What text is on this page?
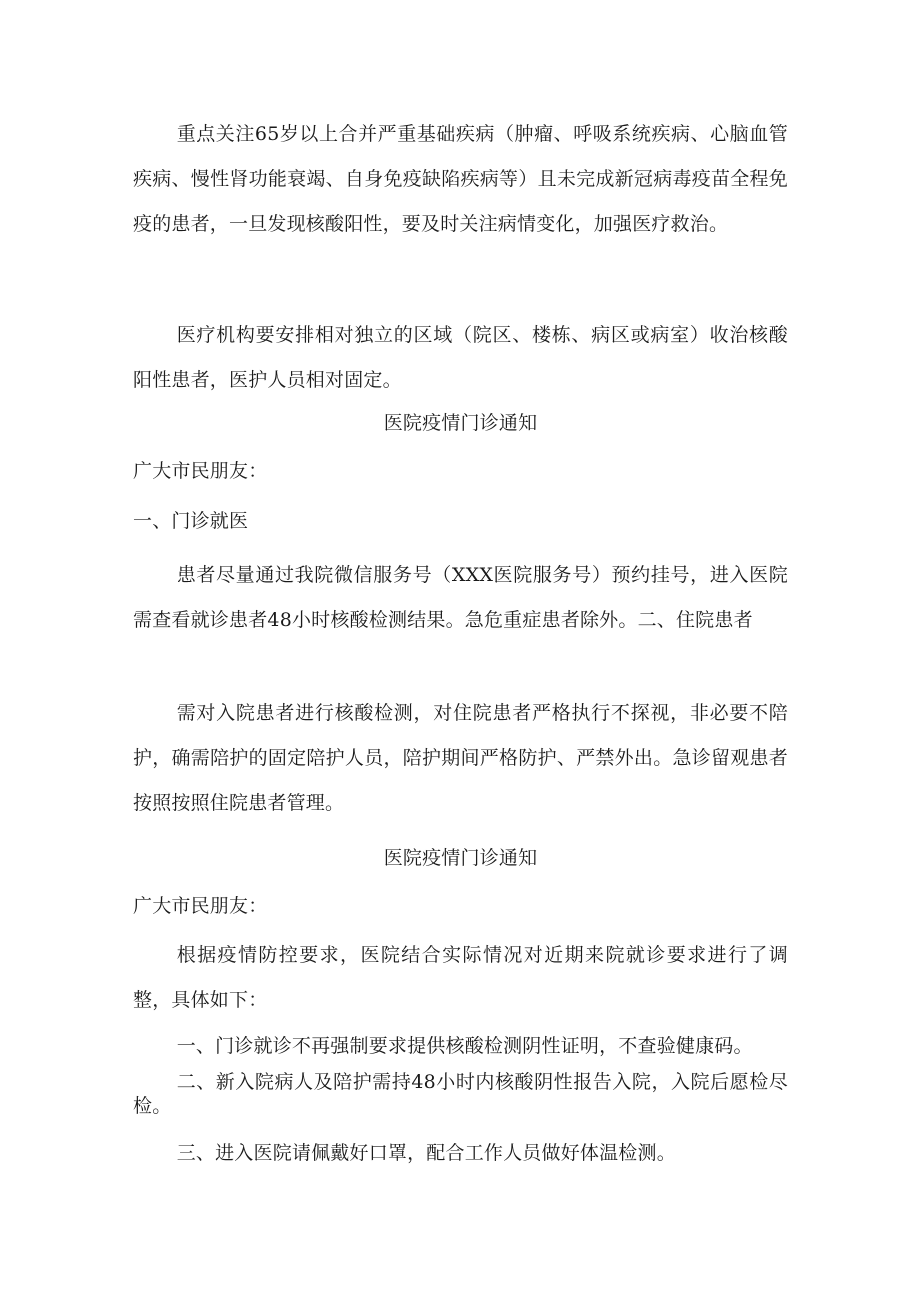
重点关注65岁以上合并严重基础疾病（肿瘤、呼吸系统疾病、心脑血管疾病、慢性肾功能衰竭、自身免疫缺陷疾病等）且未完成新冠病毒疫苗全程免疫的患者，一旦发现核酸阳性，要及时关注病情变化，加强医疗救治。

医疗机构要安排相对独立的区域（院区、楼栋、病区或病室）收治核酸阳性患者，医护人员相对固定。

医院疫情门诊通知

广大市民朋友：

一、门诊就医

患者尽量通过我院微信服务号（XXX医院服务号）预约挂号，进入医院需查看就诊患者48小时核酸检测结果。急危重症患者除外。二、住院患者

需对入院患者进行核酸检测，对住院患者严格执行不探视，非必要不陪护，确需陪护的固定陪护人员，陪护期间严格防护、严禁外出。急诊留观患者按照按照住院患者管理。

医院疫情门诊通知

广大市民朋友：

根据疫情防控要求，医院结合实际情况对近期来院就诊要求进行了调整，具体如下：

一、门诊就诊不再强制要求提供核酸检测阴性证明，不查验健康码。

二、新入院病人及陪护需持48小时内核酸阴性报告入院，入院后愿检尽检。

三、进入医院请佩戴好口罩，配合工作人员做好体温检测。
